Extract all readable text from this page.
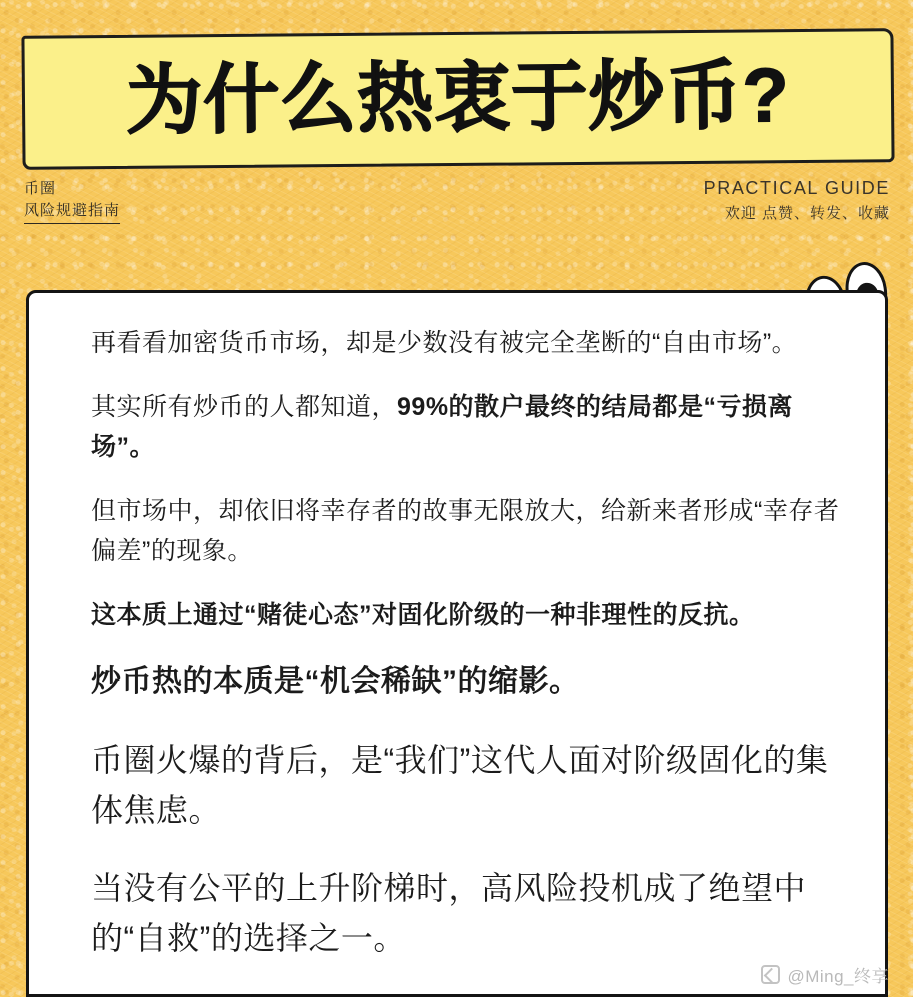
为什么热衷于炒币?
币圈
风险规避指南
PRACTICAL GUIDE
欢迎 点赞、转发、收藏

再看看加密货币市场，却是少数没有被完全垄断的“自由市场”。

其实所有炒币的人都知道，99%的散户最终的结局都是“亏损离场”。

但市场中，却依旧将幸存者的故事无限放大，给新来者形成“幸存者偏差”的现象。

这本质上通过“赌徒心态”对固化阶级的一种非理性的反抗。

炒币热的本质是“机会稀缺”的缩影。

币圈火爆的背后，是“我们”这代人面对阶级固化的集体焦虑。

当没有公平的上升阶梯时，高风险投机成了绝望中的“自救”的选择之一。

@Ming_终享
